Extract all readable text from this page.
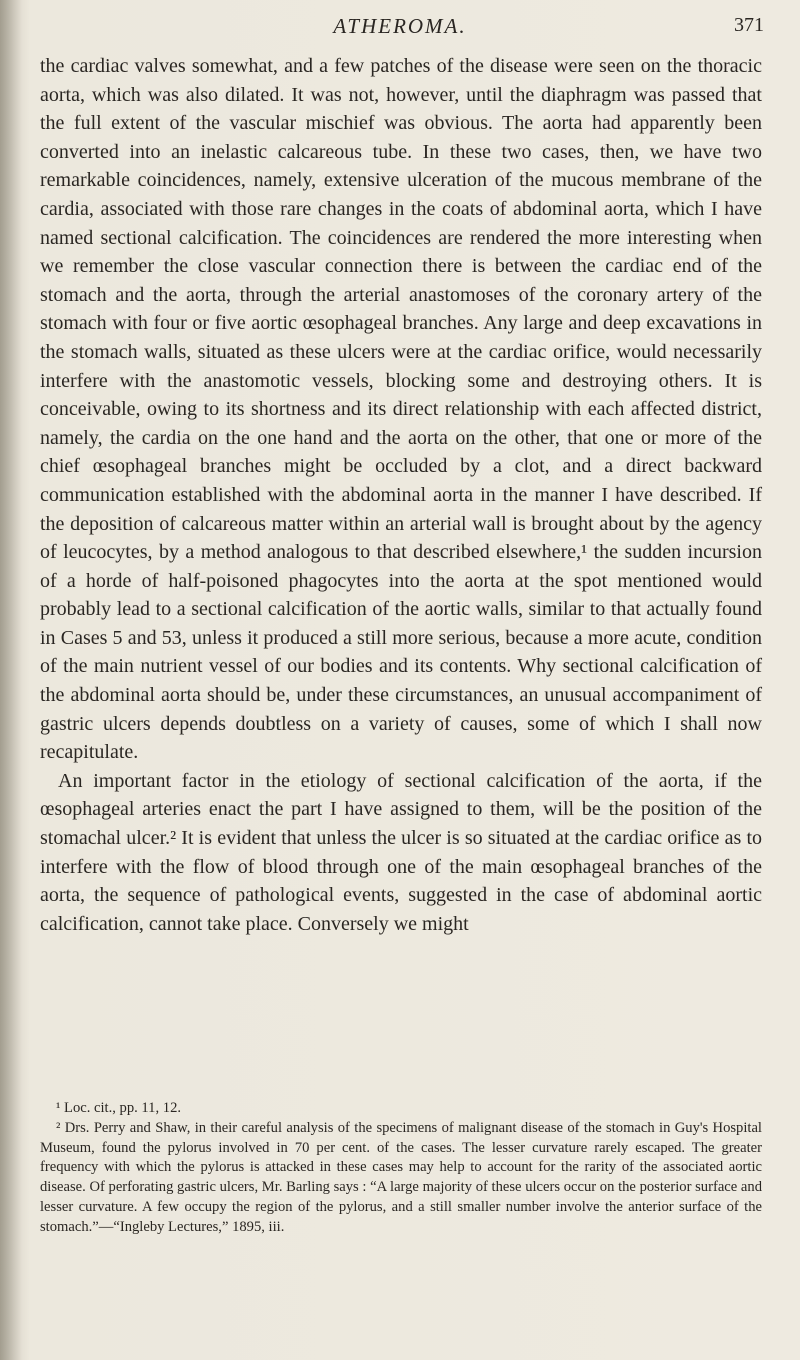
ATHEROMA.	371

the cardiac valves somewhat, and a few patches of the disease were seen on the thoracic aorta, which was also dilated. It was not, however, until the diaphragm was passed that the full extent of the vascular mischief was obvious. The aorta had apparently been converted into an inelastic calcareous tube. In these two cases, then, we have two remarkable coincidences, namely, extensive ulceration of the mucous membrane of the cardia, associated with those rare changes in the coats of abdominal aorta, which I have named sectional calcification. The coincidences are rendered the more interesting when we remember the close vascular connection there is between the cardiac end of the stomach and the aorta, through the arterial anastomoses of the coronary artery of the stomach with four or five aortic œsophageal branches. Any large and deep excavations in the stomach walls, situated as these ulcers were at the cardiac orifice, would necessarily interfere with the anastomotic vessels, blocking some and destroying others. It is conceivable, owing to its shortness and its direct relationship with each affected district, namely, the cardia on the one hand and the aorta on the other, that one or more of the chief œsophageal branches might be occluded by a clot, and a direct backward communication established with the abdominal aorta in the manner I have described. If the deposition of calcareous matter within an arterial wall is brought about by the agency of leucocytes, by a method analogous to that described elsewhere,¹ the sudden incursion of a horde of half-poisoned phagocytes into the aorta at the spot mentioned would probably lead to a sectional calcification of the aortic walls, similar to that actually found in Cases 5 and 53, unless it produced a still more serious, because a more acute, condition of the main nutrient vessel of our bodies and its contents. Why sectional calcification of the abdominal aorta should be, under these circumstances, an unusual accompaniment of gastric ulcers depends doubtless on a variety of causes, some of which I shall now recapitulate.

An important factor in the etiology of sectional calcification of the aorta, if the œsophageal arteries enact the part I have assigned to them, will be the position of the stomachal ulcer.² It is evident that unless the ulcer is so situated at the cardiac orifice as to interfere with the flow of blood through one of the main œsophageal branches of the aorta, the sequence of pathological events, suggested in the case of abdominal aortic calcification, cannot take place. Conversely we might

¹ Loc. cit., pp. 11, 12.

² Drs. Perry and Shaw, in their careful analysis of the specimens of malignant disease of the stomach in Guy's Hospital Museum, found the pylorus involved in 70 per cent. of the cases. The lesser curvature rarely escaped. The greater frequency with which the pylorus is attacked in these cases may help to account for the rarity of the associated aortic disease. Of perforating gastric ulcers, Mr. Barling says : “A large majority of these ulcers occur on the posterior surface and lesser curvature. A few occupy the region of the pylorus, and a still smaller number involve the anterior surface of the stomach.”—“Ingleby Lectures,” 1895, iii.
